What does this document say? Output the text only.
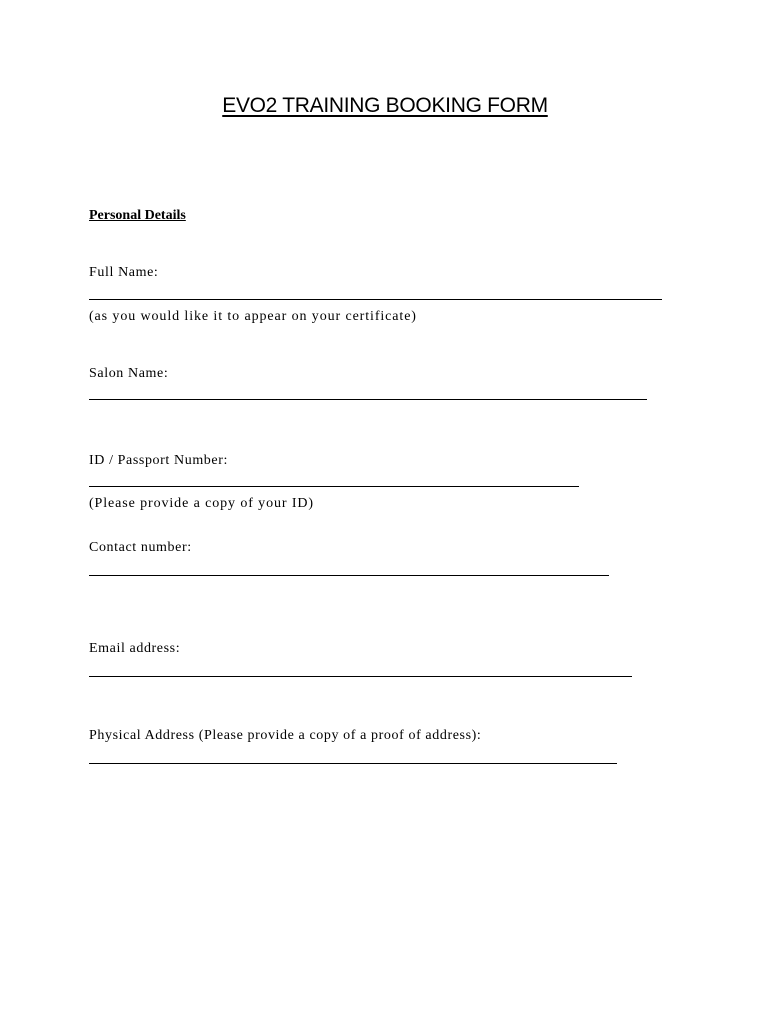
EVO2 TRAINING BOOKING FORM
Personal Details
Full Name:
(as you would like it to appear on your certificate)
Salon Name:
ID / Passport Number:
(Please provide a copy of your ID)
Contact number:
Email address:
Physical Address (Please provide a copy of a proof of address):
